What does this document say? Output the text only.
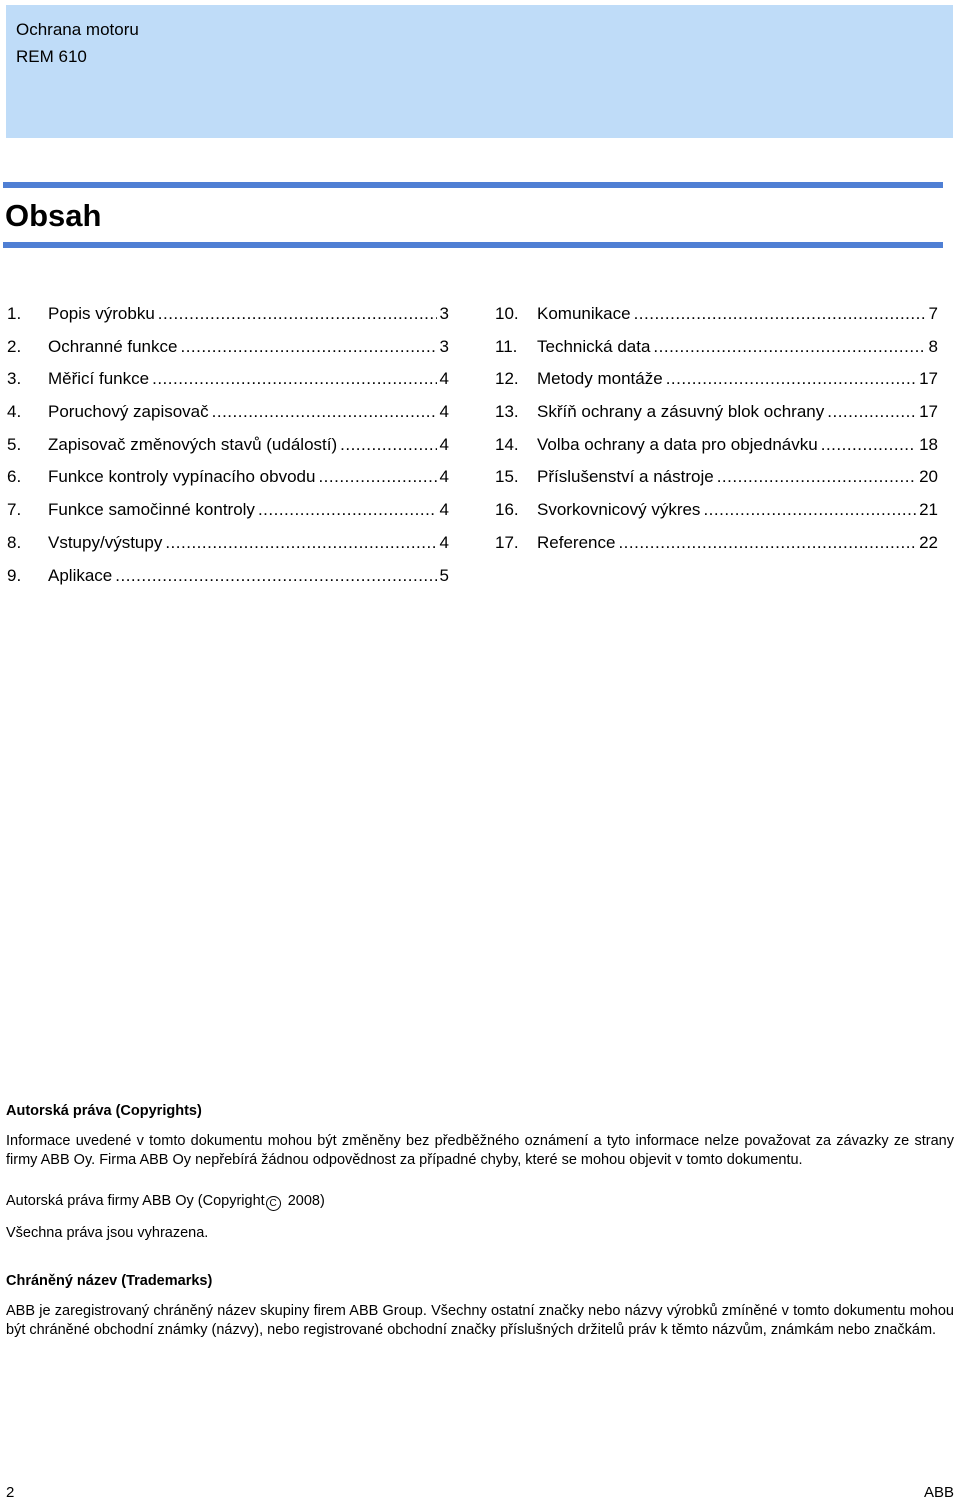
Ochrana motoru
REM 610
Obsah
1.	Popis výrobku .....	3
2.	Ochranné funkce .....	3
3.	Měřicí funkce .....	4
4.	Poruchový zapisovač .....	4
5.	Zapisovač změnových stavů (událostí) .....	4
6.	Funkce kontroly vypínacího obvodu .....	4
7.	Funkce samočinné kontroly .....	4
8.	Vstupy/výstupy .....	4
9.	Aplikace .....	5
10.	Komunikace .....	7
11.	Technická data .....	8
12.	Metody montáže .....	17
13.	Skříň ochrany a zásuvný blok ochrany .....	17
14.	Volba ochrany a data pro objednávku .....	18
15.	Příslušenství a nástroje .....	20
16.	Svorkovnicový výkres .....	21
17.	Reference .....	22
Autorská práva (Copyrights)

Informace uvedené v tomto dokumentu mohou být změněny bez předběžného oznámení a tyto informace nelze považovat za závazky ze strany firmy ABB Oy. Firma ABB Oy nepřebírá žádnou odpovědnost za případné chyby, které se mohou objevit v tomto dokumentu.

Autorská práva firmy ABB Oy (Copyright C 2008)

Všechna práva jsou vyhrazena.

Chráněný název (Trademarks)

ABB je zaregistrovaný chráněný název skupiny firem ABB Group. Všechny ostatní značky nebo názvy výrobků zmíněné v tomto dokumentu mohou být chráněné obchodní známky (názvy), nebo registrované obchodní značky příslušných držitelů práv k těmto názvům, známkám nebo značkám.

2	ABB
